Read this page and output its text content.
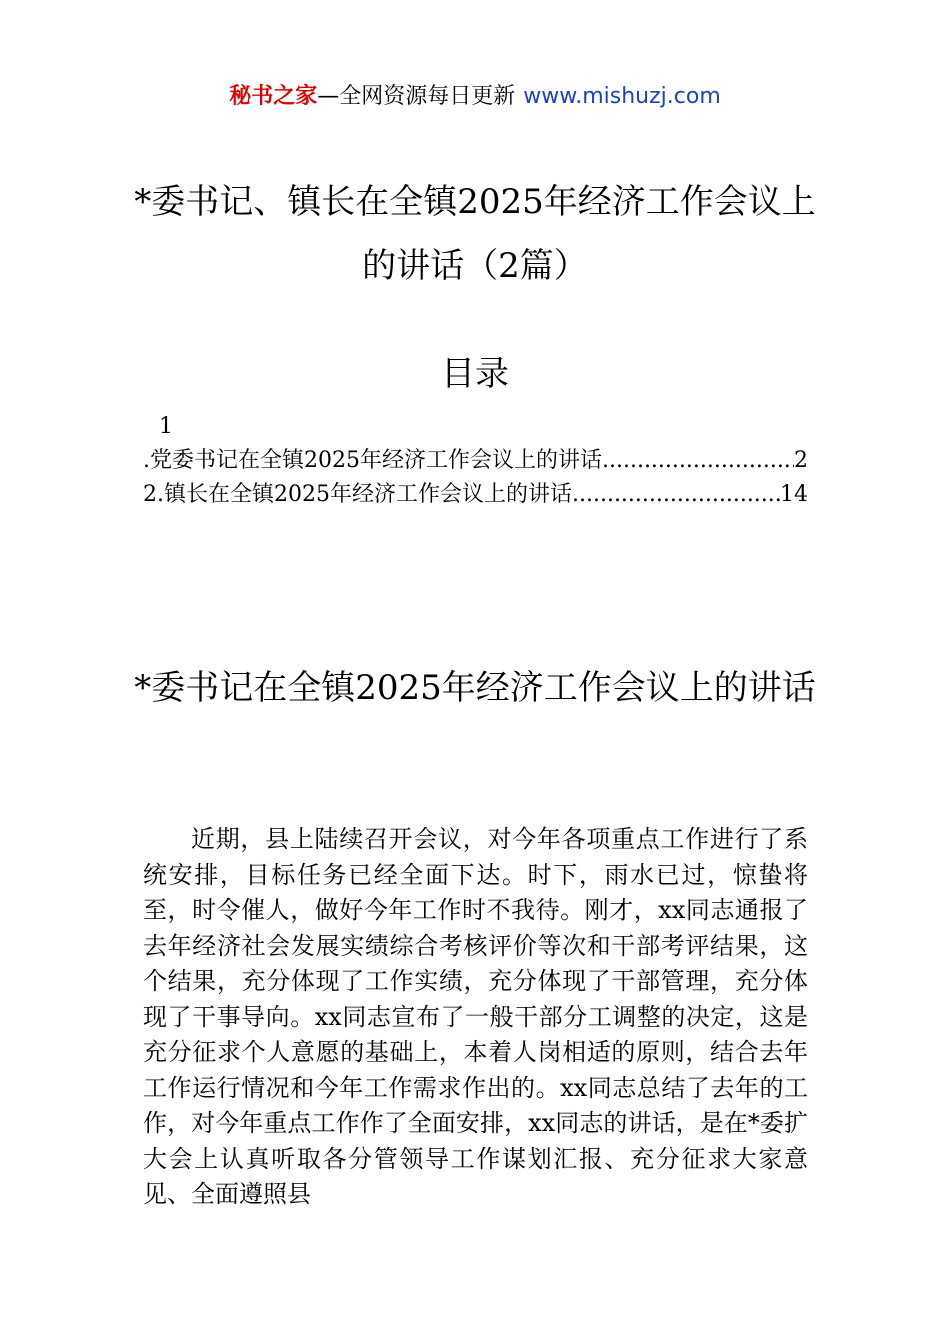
秘书之家—全网资源每日更新 www.mishuzj.com
*委书记、镇长在全镇2025年经济工作会议上的讲话（2篇）
目录
1
.党委书记在全镇2025年经济工作会议上的讲话 .....	2
2.镇长在全镇2025年经济工作会议上的讲话 .....	14
*委书记在全镇2025年经济工作会议上的讲话

近期，县上陆续召开会议，对今年各项重点工作进行了系统安排，目标任务已经全面下达。时下，雨水已过，惊蛰将至，时令催人，做好今年工作时不我待。刚才，xx同志通报了去年经济社会发展实绩综合考核评价等次和干部考评结果，这个结果，充分体现了工作实绩，充分体现了干部管理，充分体现了干事导向。xx同志宣布了一般干部分工调整的决定，这是充分征求个人意愿的基础上，本着人岗相适的原则，结合去年工作运行情况和今年工作需求作出的。xx同志总结了去年的工作，对今年重点工作作了全面安排，xx同志的讲话，是在*委扩大会上认真听取各分管领导工作谋划汇报、充分征求大家意见、全面遵照县
